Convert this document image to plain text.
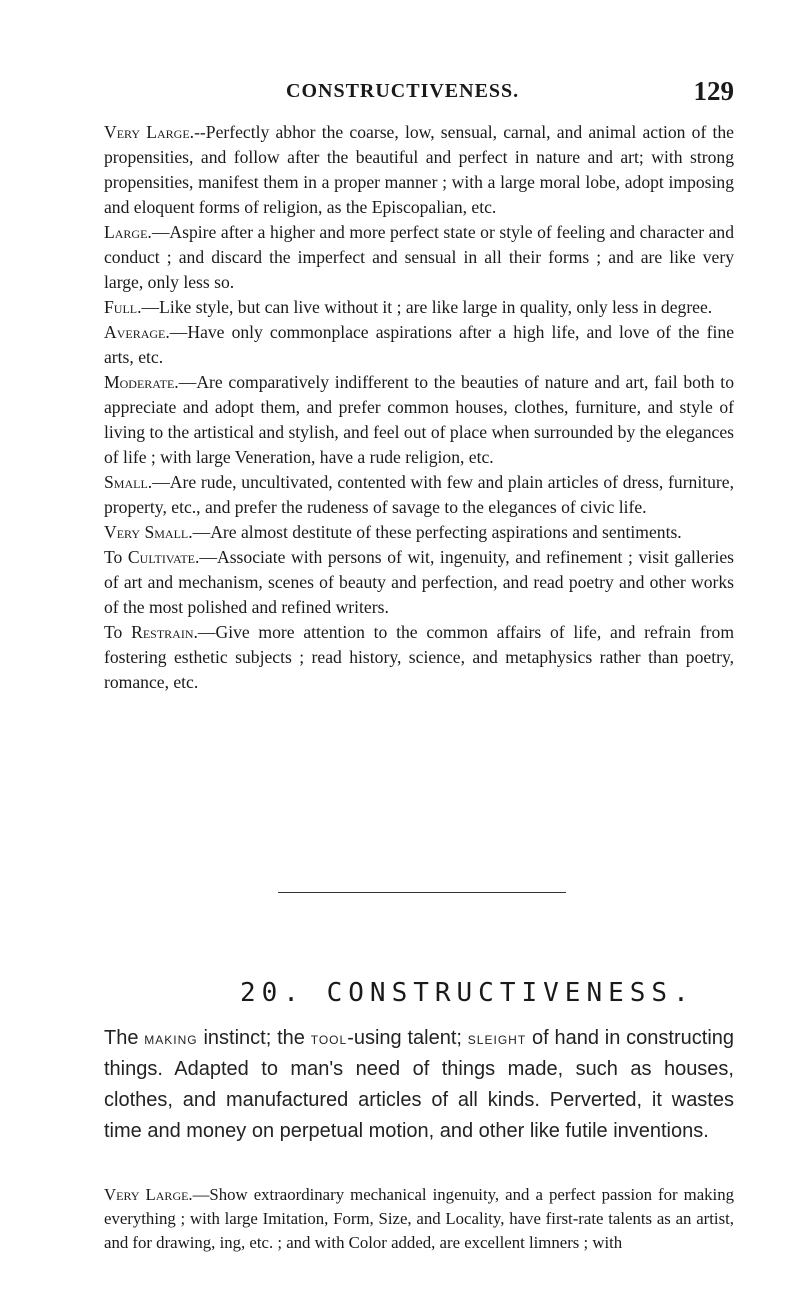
CONSTRUCTIVENESS.	129

Very Large.--Perfectly abhor the coarse, low, sensual, carnal, and animal action of the propensities, and follow after the beautiful and perfect in nature and art; with strong propensities, manifest them in a proper manner ; with a large moral lobe, adopt imposing and eloquent forms of religion, as the Episcopalian, etc.

Large.—Aspire after a higher and more perfect state or style of feeling and character and conduct ; and discard the imperfect and sensual in all their forms ; and are like very large, only less so.

Full.—Like style, but can live without it ; are like large in quality, only less in degree.

Average.—Have only commonplace aspirations after a high life, and love of the fine arts, etc.

Moderate.—Are comparatively indifferent to the beauties of nature and art, fail both to appreciate and adopt them, and prefer common houses, clothes, furniture, and style of living to the artistical and stylish, and feel out of place when surrounded by the elegances of life ; with large Veneration, have a rude religion, etc.

Small.—Are rude, uncultivated, contented with few and plain articles of dress, furniture, property, etc., and prefer the rudeness of savage to the elegances of civic life.

Very Small.—Are almost destitute of these perfecting aspirations and sentiments.

To Cultivate.—Associate with persons of wit, ingenuity, and refinement ; visit galleries of art and mechanism, scenes of beauty and perfection, and read poetry and other works of the most polished and refined writers.

To Restrain.—Give more attention to the common affairs of life, and refrain from fostering esthetic subjects ; read history, science, and metaphysics rather than poetry, romance, etc.

20. CONSTRUCTIVENESS.

The making instinct; the tool-using talent; sleight of hand in constructing things. Adapted to man's need of things made, such as houses, clothes, and manufactured articles of all kinds. Perverted, it wastes time and money on perpetual motion, and other like futile inventions.

Very Large.—Show extraordinary mechanical ingenuity, and a perfect passion for making everything ; with large Imitation, Form, Size, and Locality, have first-rate talents as an artist, and for drawing, ing, etc. ; and with Color added, are excellent limners ; with
